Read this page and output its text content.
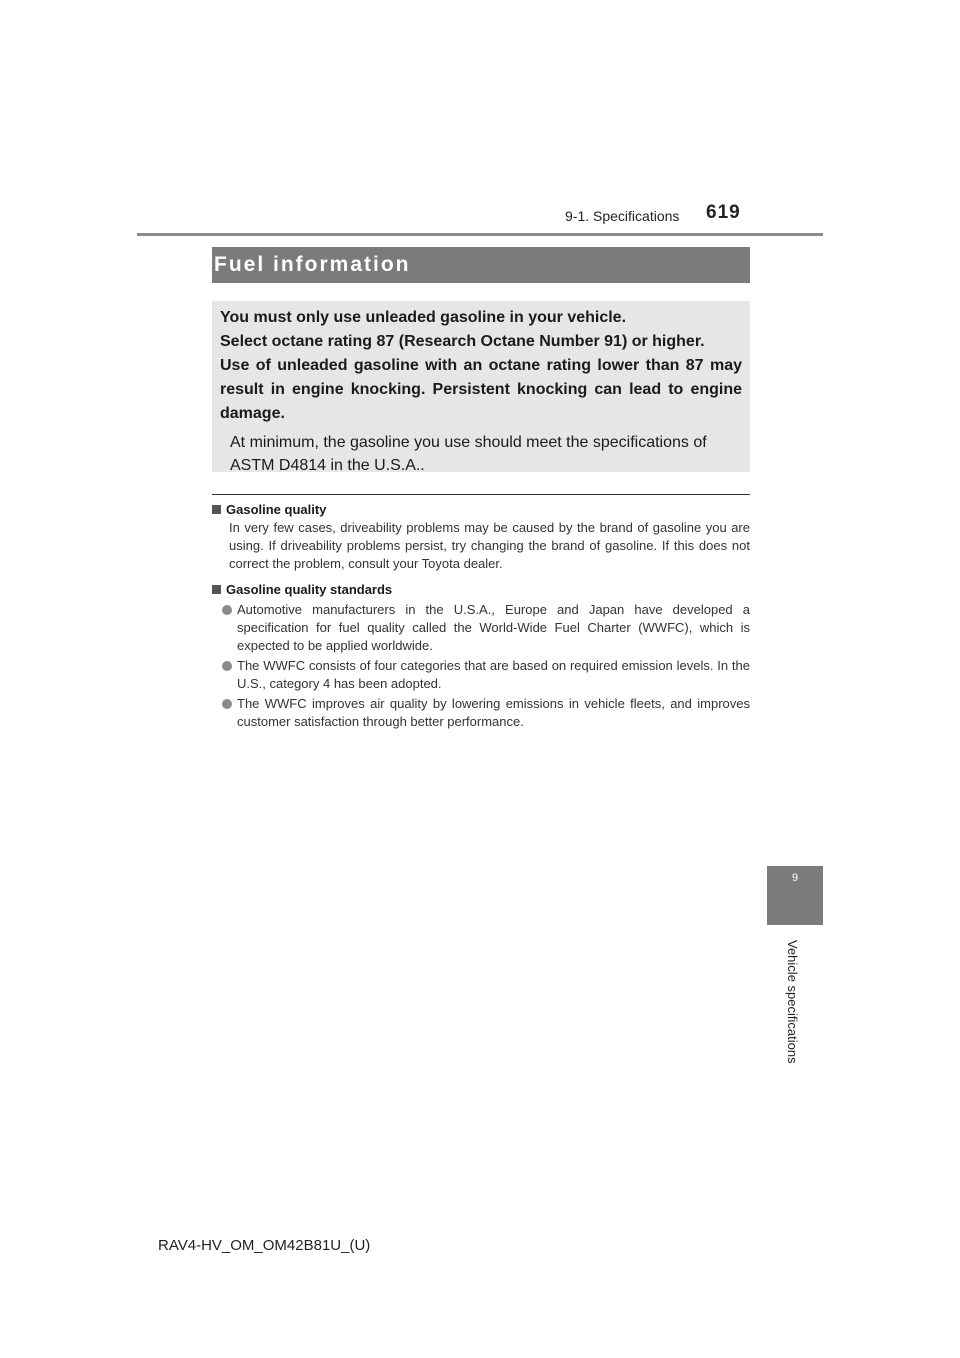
9-1. Specifications 619
Fuel information

You must only use unleaded gasoline in your vehicle.

Select octane rating 87 (Research Octane Number 91) or higher.

Use of unleaded gasoline with an octane rating lower than 87 may result in engine knocking. Persistent knocking can lead to engine damage.

At minimum, the gasoline you use should meet the specifications of ASTM D4814 in the U.S.A..

Gasoline quality

In very few cases, driveability problems may be caused by the brand of gasoline you are using. If driveability problems persist, try changing the brand of gasoline. If this does not correct the problem, consult your Toyota dealer.

Gasoline quality standards

Automotive manufacturers in the U.S.A., Europe and Japan have developed a specification for fuel quality called the World-Wide Fuel Charter (WWFC), which is expected to be applied worldwide.
The WWFC consists of four categories that are based on required emission levels. In the U.S., category 4 has been adopted.
The WWFC improves air quality by lowering emissions in vehicle fleets, and improves customer satisfaction through better performance.
9
Vehicle specifications
RAV4-HV_OM_OM42B81U_(U)
